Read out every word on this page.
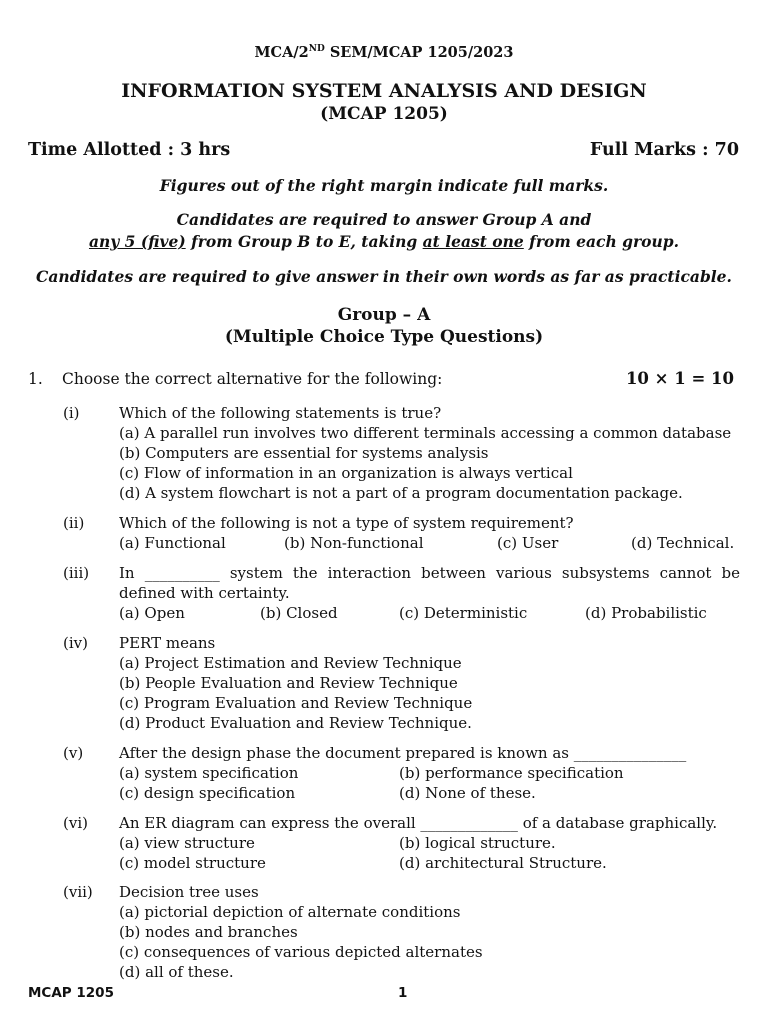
MCA/2ND SEM/MCAP 1205/2023
INFORMATION SYSTEM ANALYSIS AND DESIGN
(MCAP 1205)
Time Allotted : 3 hrs	Full Marks : 70
Figures out of the right margin indicate full marks.
Candidates are required to answer Group A and
any 5 (five) from Group B to E, taking at least one from each group.
Candidates are required to give answer in their own words as far as practicable.
Group – A
(Multiple Choice Type Questions)
1. Choose the correct alternative for the following:	10 × 1 = 10
(i)	Which of the following statements is true?
(a) A parallel run involves two different terminals accessing a common database
(b) Computers are essential for systems analysis
(c) Flow of information in an organization is always vertical
(d) A system flowchart is not a part of a program documentation package.
(ii) Which of the following is not a type of system requirement?
(a) Functional	(b) Non-functional	(c) User	(d) Technical.
(iii) In __________ system the interaction between various subsystems cannot be
defined with certainty.
(a) Open	(b) Closed	(c) Deterministic	(d) Probabilistic
(iv) PERT means
(a) Project Estimation and Review Technique
(b) People Evaluation and Review Technique
(c) Program Evaluation and Review Technique
(d) Product Evaluation and Review Technique.
(v) After the design phase the document prepared is known as _______________
(a) system specification	(b) performance specification
(c) design specification	(d) None of these.
(vi) An ER diagram can express the overall _____________ of a database graphically.
(a) view structure	(b) logical structure.
(c) model structure	(d) architectural Structure.
(vii) Decision tree uses
(a) pictorial depiction of alternate conditions
(b) nodes and branches
(c) consequences of various depicted alternates
(d) all of these.
MCAP 1205	1
